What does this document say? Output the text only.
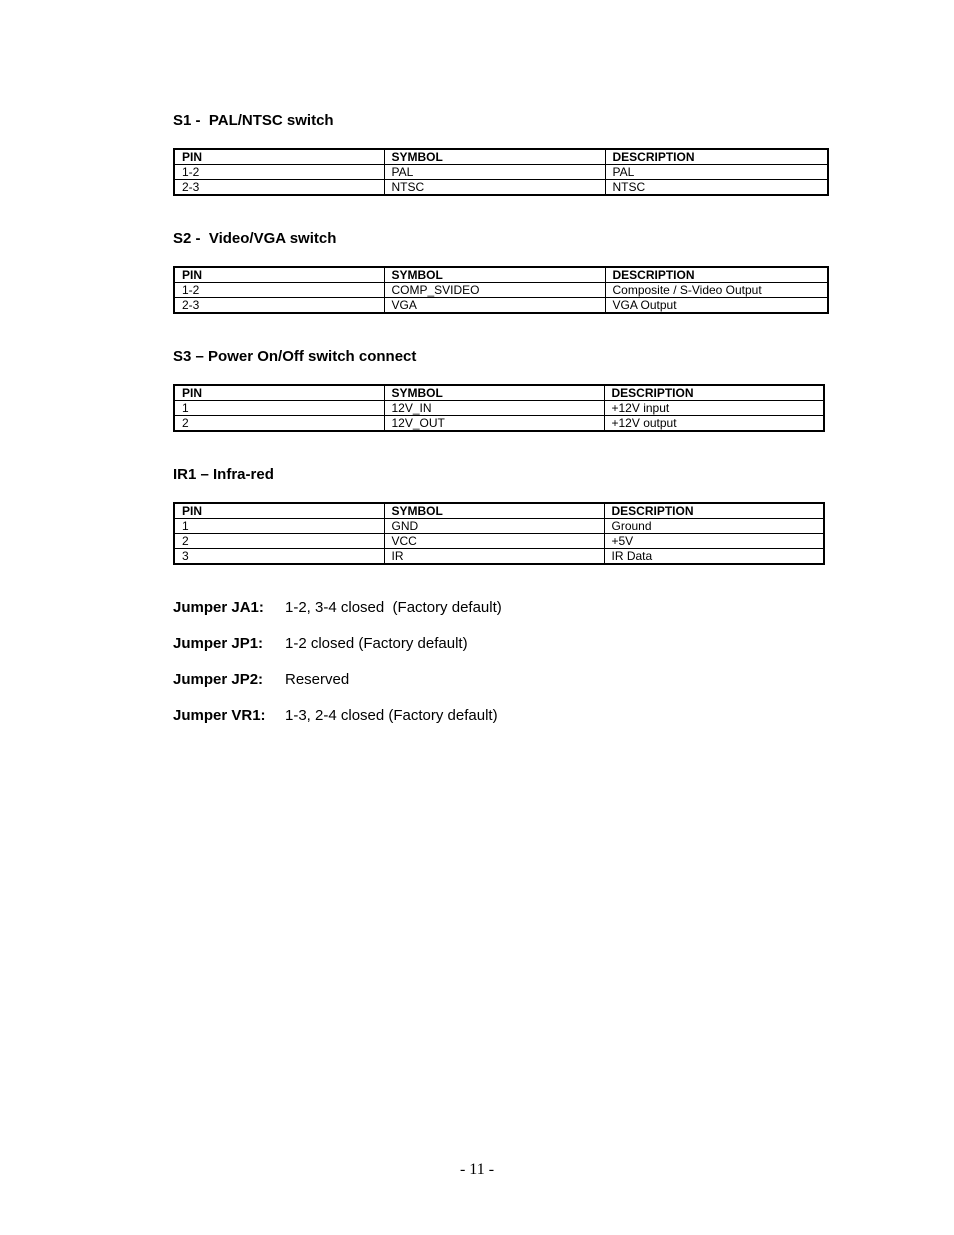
S1 -  PAL/NTSC switch
PIN	SYMBOL	DESCRIPTION
1-2	PAL	PAL
2-3	NTSC	NTSC
S2 -  Video/VGA switch
PIN	SYMBOL	DESCRIPTION
1-2	COMP_SVIDEO	Composite / S-Video Output
2-3	VGA	VGA Output
S3 – Power On/Off switch connect
PIN	SYMBOL	DESCRIPTION
1	12V_IN	+12V input
2	12V_OUT	+12V output
IR1 – Infra-red
PIN	SYMBOL	DESCRIPTION
1	GND	Ground
2	VCC	+5V
3	IR	IR Data
Jumper JA1: 1-2, 3-4 closed  (Factory default)
Jumper JP1: 1-2 closed (Factory default)
Jumper JP2: Reserved
Jumper VR1: 1-3, 2-4 closed (Factory default)
- 11 -
